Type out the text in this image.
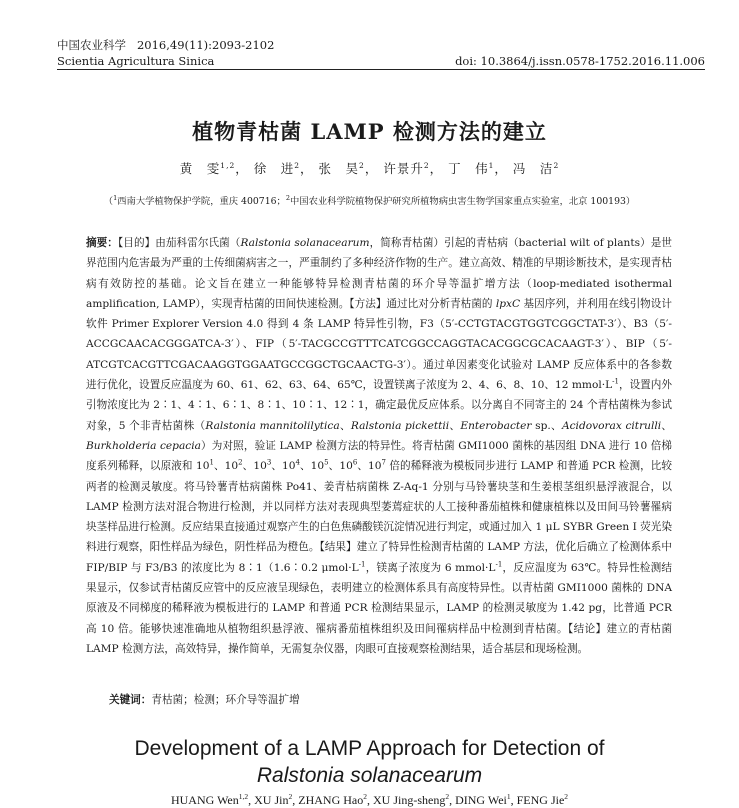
中国农业科学 2016,49(11):2093-2102
Scientia Agricultura Sinica	doi: 10.3864/j.issn.0578-1752.2016.11.006
植物青枯菌 LAMP 检测方法的建立
黄　雯$^{1,2}$， 徐　进$^2$， 张　昊$^2$， 许景升$^2$， 丁　伟$^1$， 冯　洁$^2$
（$^1$西南大学植物保护学院，重庆 400716；$^2$中国农业科学院植物保护研究所植物病虫害生物学国家重点实验室，北京 100193）
摘要：【目的】由茄科雷尔氏菌（Ralstonia solanacearum，简称青枯菌）引起的青枯病（bacterial wilt of plants）是世界范围内危害最为严重的土传细菌病害之一，严重制约了多种经济作物的生产。建立高效、精准的早期诊断技术，是实现青枯病有效防控的基础。论文旨在建立一种能够特异检测青枯菌的环介导等温扩增方法（loop-mediated isothermal amplification, LAMP），实现青枯菌的田间快速检测。【方法】通过比对分析青枯菌的 lpxC 基因序列，并利用在线引物设计软件 Primer Explorer Version 4.0 得到 4 条 LAMP 特异性引物，F3（5′-CCTGTACGTGGTCGGCTAT-3′）、B3（5′-ACCGCAACACGGGATCA-3′）、FIP（5′-TACGCCGTTTCATCGGCCAGGTACACGGCGCACAAGT-3′）、BIP（5′-ATCGTCACGTTCGACAAGGTGGAATGCCGGCTGCAACTG-3′）。通过单因素变化试验对 LAMP 反应体系中的各参数进行优化，设置反应温度为 60、61、62、63、64、65℃，设置镁离子浓度为 2、4、6、8、10、12 $mmol\cdot L^{-1}$，设置内外引物浓度比为 2∶1、4∶1、6∶1、8∶1、10∶1、12∶1，确定最优反应体系。以分离自不同寄主的 24 个青枯菌株为参试对象，5 个非青枯菌株（Ralstonia mannitolilytica、Ralstonia pickettii、Enterobacter sp.、Acidovorax citrulli、Burkholderia cepacia）为对照，验证 LAMP 检测方法的特异性。将青枯菌 GMI1000 菌株的基因组 DNA 进行 10 倍梯度系列稀释，以原液和 $10^1$、$10^2$、$10^3$、$10^4$、$10^5$、$10^6$、$10^7$ 倍的稀释液为模板同步进行 LAMP 和普通 PCR 检测，比较两者的检测灵敏度。将马铃薯青枯病菌株 Po41、姜青枯病菌株 Z-Aq-1 分别与马铃薯块茎和生姜根茎组织悬浮液混合，以 LAMP 检测方法对混合物进行检测，并以同样方法对表现典型萎蔫症状的人工接种番茄植株和健康植株以及田间马铃薯罹病块茎样品进行检测。反应结果直接通过观察产生的白色焦磷酸镁沉淀情况进行判定，或通过加入 1 μL SYBR Green I 荧光染料进行观察，阳性样品为绿色，阴性样品为橙色。【结果】建立了特异性检测青枯菌的 LAMP 方法，优化后确立了检测体系中 FIP/BIP 与 F3/B3 的浓度比为 8∶1（1.6∶0.2 $\mu mol\cdot L^{-1}$，镁离子浓度为 6 $mmol\cdot L^{-1}$，反应温度为 63℃。特异性检测结果显示，仅参试青枯菌反应管中的反应液呈现绿色，表明建立的检测体系具有高度特异性。以青枯菌 GMI1000 菌株的 DNA 原液及不同梯度的稀释液为模板进行的 LAMP 和普通 PCR 检测结果显示，LAMP 的检测灵敏度为 1.42 pg，比普通 PCR 高 10 倍。能够快速准确地从植物组织悬浮液、罹病番茄植株组织及田间罹病样品中检测到青枯菌。【结论】建立的青枯菌 LAMP 检测方法，高效特异，操作简单，无需复杂仪器，肉眼可直接观察检测结果，适合基层和现场检测。
关键词：青枯菌；检测；环介导等温扩增
Development of a LAMP Approach for Detection of
Ralstonia solanacearum
HUANG Wen$^{1,2}$, XU Jin$^2$, ZHANG Hao$^2$, XU Jing-sheng$^2$, DING Wei$^1$, FENG Jie$^2$
